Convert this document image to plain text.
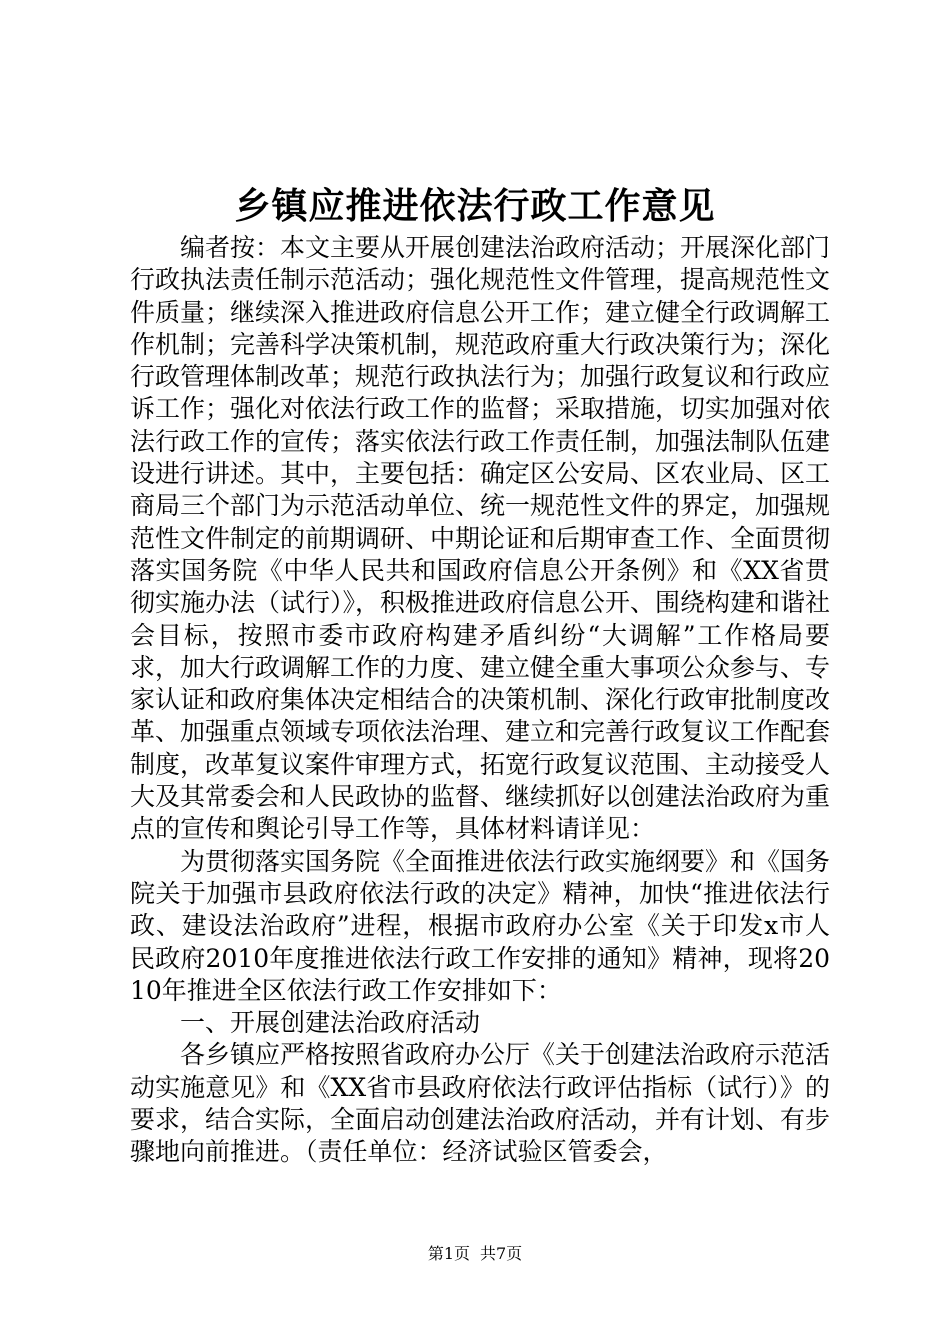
乡镇应推进依法行政工作意见

编者按：本文主要从开展创建法治政府活动；开展深化部门行政执法责任制示范活动；强化规范性文件管理，提高规范性文件质量；继续深入推进政府信息公开工作；建立健全行政调解工作机制；完善科学决策机制，规范政府重大行政决策行为；深化行政管理体制改革；规范行政执法行为；加强行政复议和行政应诉工作；强化对依法行政工作的监督；采取措施，切实加强对依法行政工作的宣传；落实依法行政工作责任制，加强法制队伍建设进行讲述。其中，主要包括：确定区公安局、区农业局、区工商局三个部门为示范活动单位、统一规范性文件的界定，加强规范性文件制定的前期调研、中期论证和后期审查工作、全面贯彻落实国务院《中华人民共和国政府信息公开条例》和《XX省贯彻实施办法（试行）》，积极推进政府信息公开、围绕构建和谐社会目标，按照市委市政府构建矛盾纠纷“大调解”工作格局要求，加大行政调解工作的力度、建立健全重大事项公众参与、专家认证和政府集体决定相结合的决策机制、深化行政审批制度改革、加强重点领域专项依法治理、建立和完善行政复议工作配套制度，改革复议案件审理方式，拓宽行政复议范围、主动接受人大及其常委会和人民政协的监督、继续抓好以创建法治政府为重点的宣传和舆论引导工作等，具体材料请详见：

为贯彻落实国务院《全面推进依法行政实施纲要》和《国务院关于加强市县政府依法行政的决定》精神，加快“推进依法行政、建设法治政府”进程，根据市政府办公室《关于印发x市人民政府2010年度推进依法行政工作安排的通知》精神，现将2010年推进全区依法行政工作安排如下：

一、开展创建法治政府活动

各乡镇应严格按照省政府办公厅《关于创建法治政府示范活动实施意见》和《XX省市县政府依法行政评估指标（试行）》的要求，结合实际，全面启动创建法治政府活动，并有计划、有步骤地向前推进。（责任单位：经济试验区管委会，

第1页 共7页
